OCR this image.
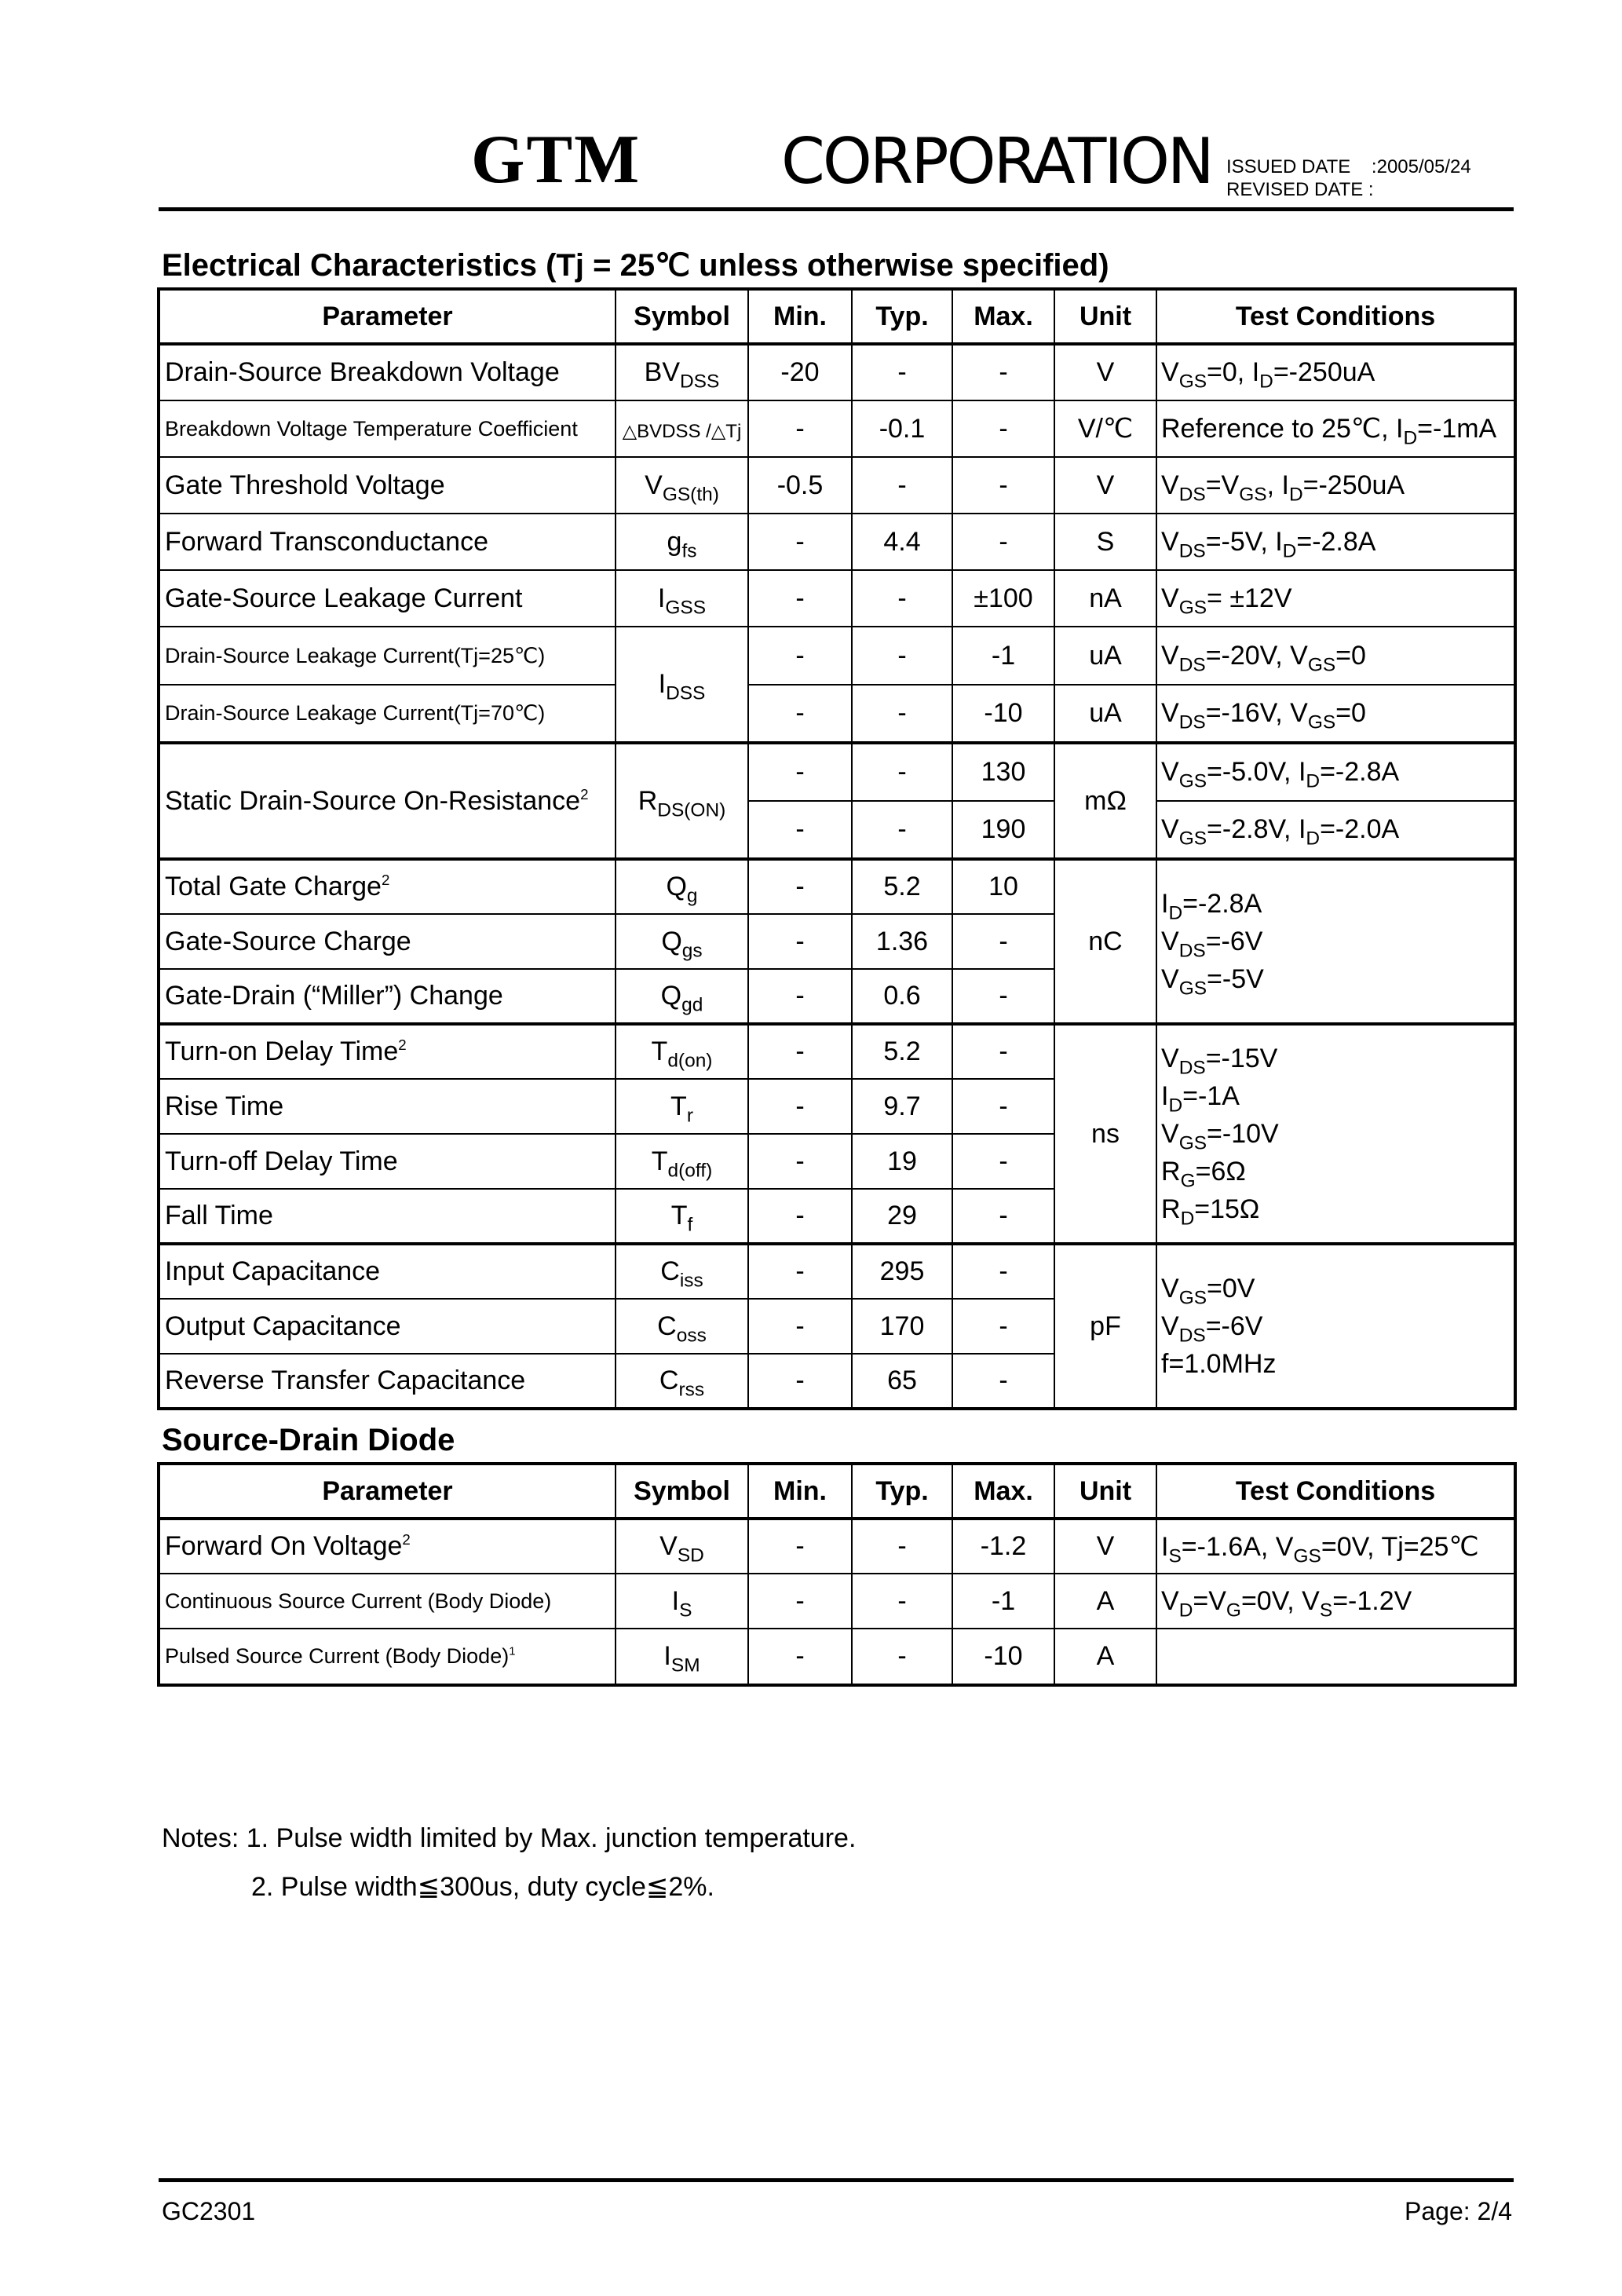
GTM CORPORATION ISSUED DATE    :2005/05/24
REVISED DATE :
Electrical Characteristics (Tj = 25℃ unless otherwise specified)
Parameter	Symbol	Min.	Typ.	Max.	Unit	Test Conditions
Drain-Source Breakdown Voltage	$BV_{DSS}$	-20	-	-	V	$V_{GS}=0$, $I_D=-250uA$
Breakdown Voltage Temperature Coefficient	△BVDSS /△Tj	-	-0.1	-	V/℃	Reference to 25℃, $I_D=-1mA$
Gate Threshold Voltage	$V_{GS(th)}$	-0.5	-	-	V	$V_{DS}=V_{GS}$, $I_D=-250uA$
Forward Transconductance	$g_{fs}$	-	4.4	-	S	$V_{DS}=-5V$, $I_D=-2.8A$
Gate-Source Leakage Current	$I_{GSS}$	-	-	±100	nA	$V_{GS}= \pm 12V$
Drain-Source Leakage Current(Tj=25℃)	$I_{DSS}$	-	-	-1	uA	$V_{DS}=-20V$, $V_{GS}=0$
Drain-Source Leakage Current(Tj=70℃)		-	-	-10	uA	$V_{DS}=-16V$, $V_{GS}=0$
Static Drain-Source On-Resistance$^2$	$R_{DS(ON)}$	-	-	130	mΩ	$V_{GS}=-5.0V$, $I_D=-2.8A$
		-	-	190		$V_{GS}=-2.8V$, $I_D=-2.0A$
Total Gate Charge$^2$	$Q_g$	-	5.2	10	nC	$I_D=-2.8A$
$V_{DS}=-6V$
$V_{GS}=-5V$
Gate-Source Charge	$Q_{gs}$	-	1.36	-		
Gate-Drain (“Miller”) Change	$Q_{gd}$	-	0.6	-		
Turn-on Delay Time$^2$	$T_{d(on)}$	-	5.2	-	ns	$V_{DS}=-15V$
$I_D=-1A$
$V_{GS}=-10V$
$R_G=6\Omega$
$R_D=15\Omega$
Rise Time	$T_r$	-	9.7	-		
Turn-off Delay Time	$T_{d(off)}$	-	19	-		
Fall Time	$T_f$	-	29	-		
Input Capacitance	$C_{iss}$	-	295	-	pF	$V_{GS}=0V$
$V_{DS}=-6V$
f=1.0MHz
Output Capacitance	$C_{oss}$	-	170	-		
Reverse Transfer Capacitance	$C_{rss}$	-	65	-		
Source-Drain Diode
Parameter	Symbol	Min.	Typ.	Max.	Unit	Test Conditions
Forward On Voltage$^2$	$V_{SD}$	-	-	-1.2	V	$I_S=-1.6A$, $V_{GS}=0V$, Tj=25℃
Continuous Source Current (Body Diode)	$I_S$	-	-	-1	A	$V_D=V_G=0V$, $V_S=-1.2V$
Pulsed Source Current (Body Diode)$^1$	$I_{SM}$	-	-	-10	A	
Notes: 1. Pulse width limited by Max. junction temperature.
2. Pulse width≦300us, duty cycle≦2%.
GC2301	Page: 2/4
